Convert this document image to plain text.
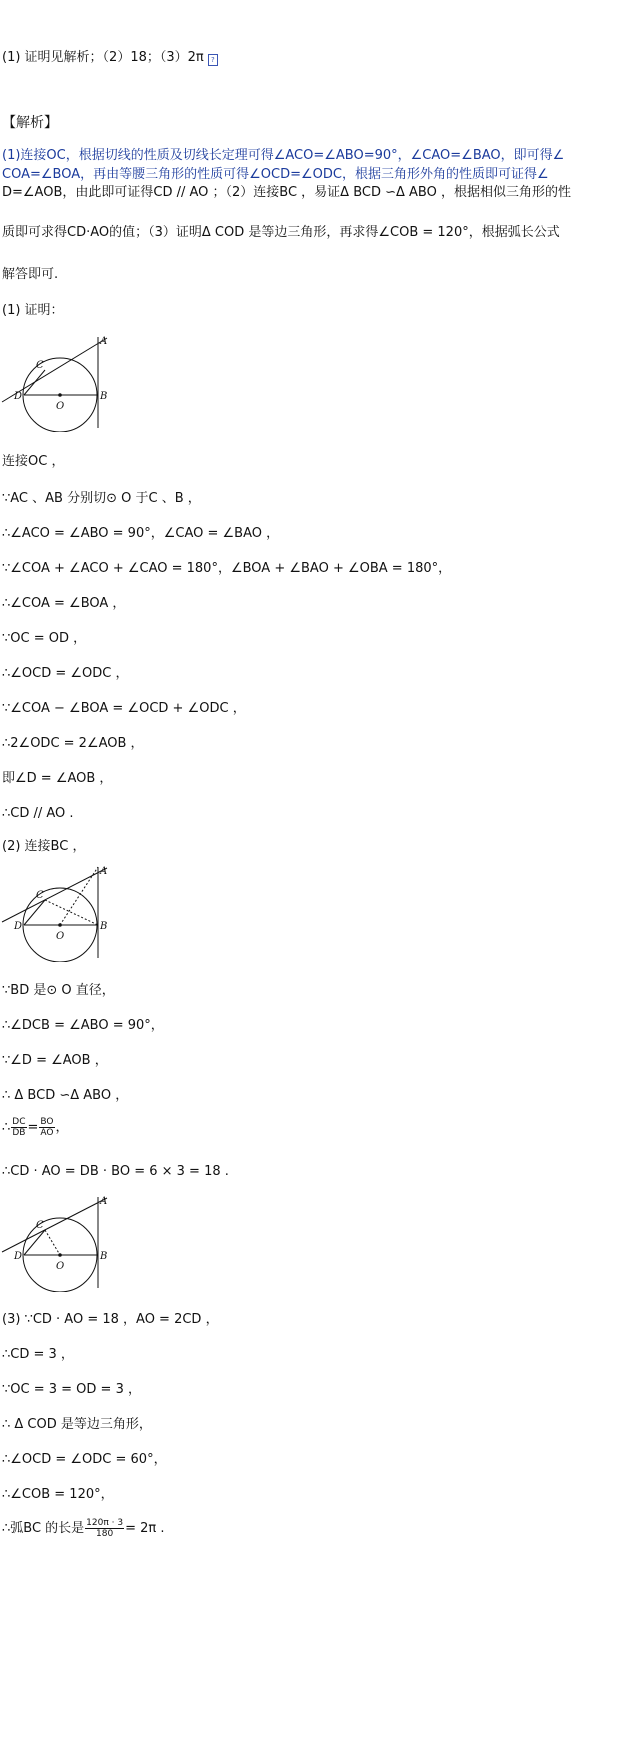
(1) 证明见解析；（2）18；（3）2π ?
【解析】
(1)连接OC，根据切线的性质及切线长定理可得∠ACO=∠ABO=90°，∠CAO=∠BAO，即可得∠
COA=∠BOA，再由等腰三角形的性质可得∠OCD=∠ODC，根据三角形外角的性质即可证得∠
D=∠AOB，由此即可证得CD // AO ；（2）连接BC ，易证Δ BCD ∽Δ ABO ，根据相似三角形的性
质即可求得CD·AO的值；（3）证明Δ COD 是等边三角形，再求得∠COB = 120°，根据弧长公式
解答即可.
(1) 证明：
C
A
D	B
O
连接OC ，
∵AC 、AB 分别切⊙ O 于C 、B ，
∴∠ACO = ∠ABO = 90°，∠CAO = ∠BAO ，
∵∠COA + ∠ACO + ∠CAO = 180°，∠BOA + ∠BAO + ∠OBA = 180°，
∴∠COA = ∠BOA ，
∵OC = OD ，
∴∠OCD = ∠ODC ，
∵∠COA − ∠BOA = ∠OCD + ∠ODC ，
∴2∠ODC = 2∠AOB ，
即∠D = ∠AOB ，
∴CD // AO .
(2) 连接BC ，
C
A
D	B
O
∵BD 是⊙ O 直径，
∴∠DCB = ∠ABO = 90°，
∵∠D = ∠AOB ，
∴ Δ BCD ∽Δ ABO ，
∴ $\frac{DC}{DB} = \frac{BO}{AO}$ ，
∴CD · AO = DB · BO = 6 × 3 = 18 .
C
A
D	B
O
(3) ∵CD · AO = 18 ，AO = 2CD ，
∴CD = 3 ，
∵OC = 3 = OD = 3 ，
∴ Δ COD 是等边三角形，
∴∠OCD = ∠ODC = 60°，
∴∠COB = 120°，
∴弧BC 的长是 $\frac{120\pi \cdot 3}{180} = 2\pi$ .
